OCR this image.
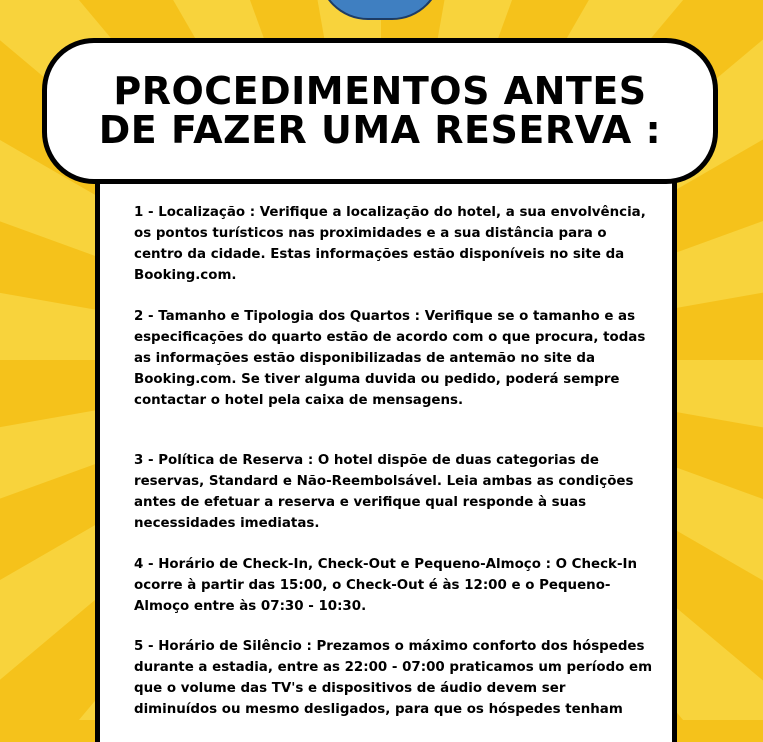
PROCEDIMENTOS ANTES
DE FAZER UMA RESERVA :
1 - Localização : Verifique a localização do hotel, a sua envolvência,
os pontos turísticos nas proximidades e a sua distância para o
centro da cidade. Estas informações estão disponíveis no site da
Booking.com.
2 - Tamanho e Tipologia dos Quartos : Verifique se o tamanho e as
especificações do quarto estão de acordo com o que procura, todas
as informações estão disponibilizadas de antemão no site da
Booking.com. Se tiver alguma duvida ou pedido, poderá sempre
contactar o hotel pela caixa de mensagens.
3 - Política de Reserva : O hotel dispõe de duas categorias de
reservas, Standard e Não-Reembolsável. Leia ambas as condições
antes de efetuar a reserva e verifique qual responde à suas
necessidades imediatas.
4 - Horário de Check-In, Check-Out e Pequeno-Almoço : O Check-In
ocorre à partir das 15:00, o Check-Out é às 12:00 e o Pequeno-
Almoço entre às 07:30 - 10:30.
5 - Horário de Silêncio : Prezamos o máximo conforto dos hóspedes
durante a estadia, entre as 22:00 - 07:00 praticamos um período em
que o volume das TV's e dispositivos de áudio devem ser
diminuídos ou mesmo desligados, para que os hóspedes tenham
